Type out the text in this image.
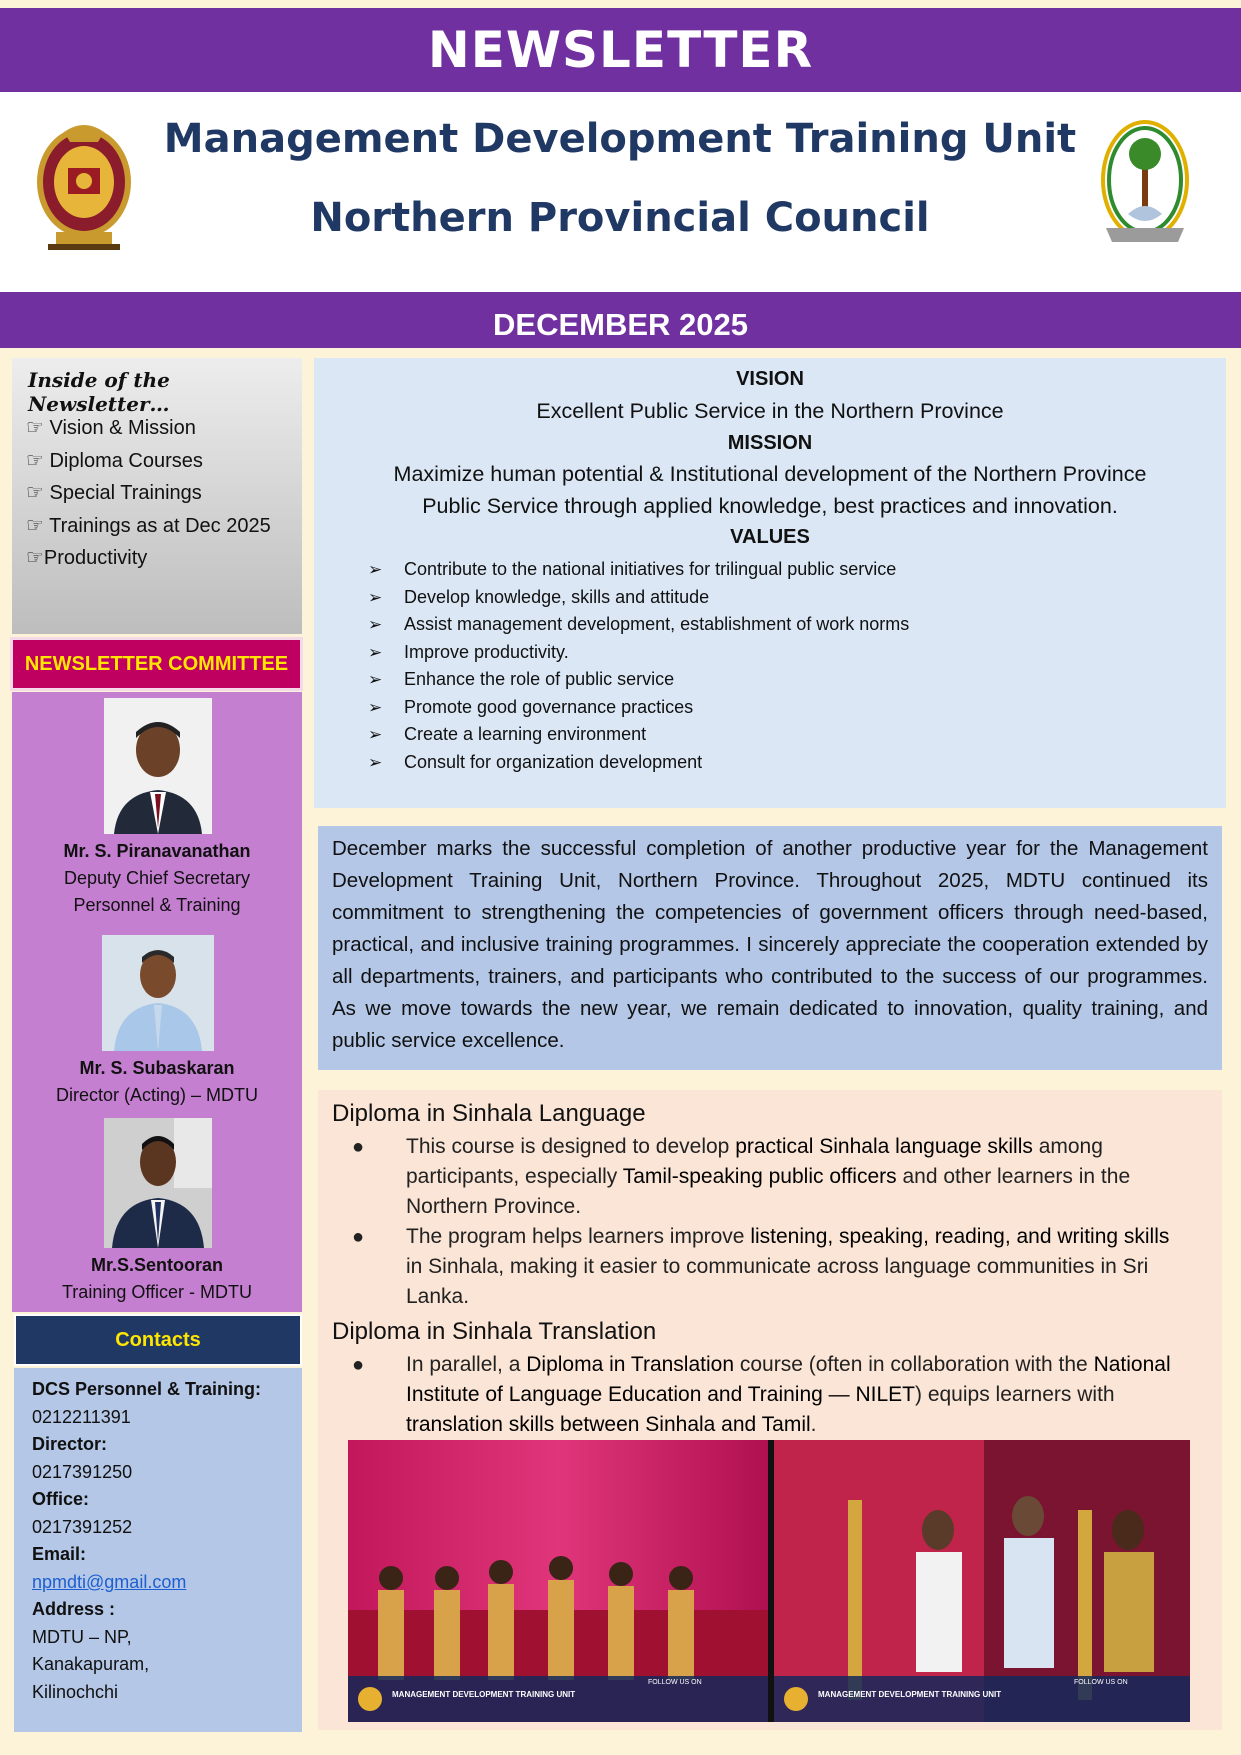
NEWSLETTER
Management Development Training Unit
Northern Provincial Council
DECEMBER 2025
Inside of the Newsletter…
☞ Vision & Mission
☞ Diploma Courses
☞ Special Trainings
☞ Trainings as at Dec 2025
☞Productivity
NEWSLETTER COMMITTEE
Mr. S. Piranavanathan
Deputy Chief Secretary
Personnel & Training
Mr. S. Subaskaran
Director (Acting) – MDTU
Mr.S.Sentooran
Training Officer - MDTU
Contacts
DCS Personnel & Training:
0212211391
Director:
0217391250
Office:
0217391252
Email:
npmdti@gmail.com
Address :
MDTU – NP,
Kanakapuram,
Kilinochchi
VISION
Excellent Public Service in the Northern Province
MISSION
Maximize human potential & Institutional development of the Northern Province
Public Service through applied knowledge, best practices and innovation.
VALUES
➢ Contribute to the national initiatives for trilingual public service
➢ Develop knowledge, skills and attitude
➢ Assist management development, establishment of work norms
➢ Improve productivity.
➢ Enhance the role of public service
➢ Promote good governance practices
➢ Create a learning environment
➢ Consult for organization development

December marks the successful completion of another productive year for the Management Development Training Unit, Northern Province. Throughout 2025, MDTU continued its commitment to strengthening the competencies of government officers through need-based, practical, and inclusive training programmes. I sincerely appreciate the cooperation extended by all departments, trainers, and participants who contributed to the success of our programmes. As we move towards the new year, we remain dedicated to innovation, quality training, and public service excellence.

Diploma in Sinhala Language
● This course is designed to develop practical Sinhala language skills among participants, especially Tamil-speaking public officers and other learners in the Northern Province.
● The program helps learners improve listening, speaking, reading, and writing skills in Sinhala, making it easier to communicate across language communities in Sri Lanka.
Diploma in Sinhala Translation
● In parallel, a Diploma in Translation course (often in collaboration with the National Institute of Language Education and Training — NILET) equips learners with translation skills between Sinhala and Tamil.
MANAGEMENT DEVELOPMENT TRAINING UNIT	MANAGEMENT DEVELOPMENT TRAINING UNIT
FOLLOW US ON	FOLLOW US ON
